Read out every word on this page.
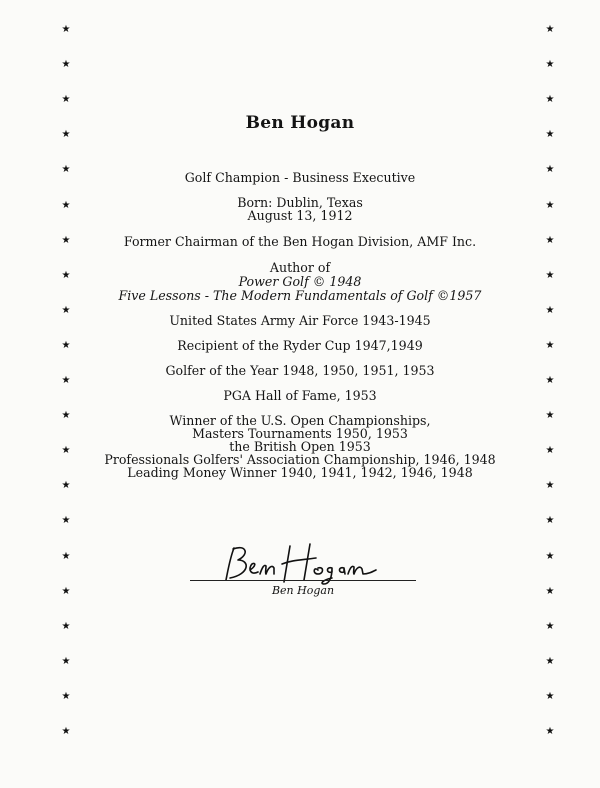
★
★
★
★
★
★
★
★
★
★
★
★
★
★
★
★
★
★
★
★
★
★
★
★
★
★
★
★
★
★
★
★
★
★
★
★
★
★
★
★
★
★
Ben Hogan
Golf Champion - Business Executive
Born: Dublin, Texas
August 13, 1912
Former Chairman of the Ben Hogan Division, AMF Inc.
Author of
Power Golf © 1948
Five Lessons - The Modern Fundamentals of Golf ©1957
United States Army Air Force 1943-1945
Recipient of the Ryder Cup 1947,1949
Golfer of the Year 1948, 1950, 1951, 1953
PGA Hall of Fame, 1953
Winner of the U.S. Open Championships,
Masters Tournaments 1950, 1953
the British Open 1953
Professionals Golfers' Association Championship, 1946, 1948
Leading Money Winner 1940, 1941, 1942, 1946, 1948
Ben Hogan
